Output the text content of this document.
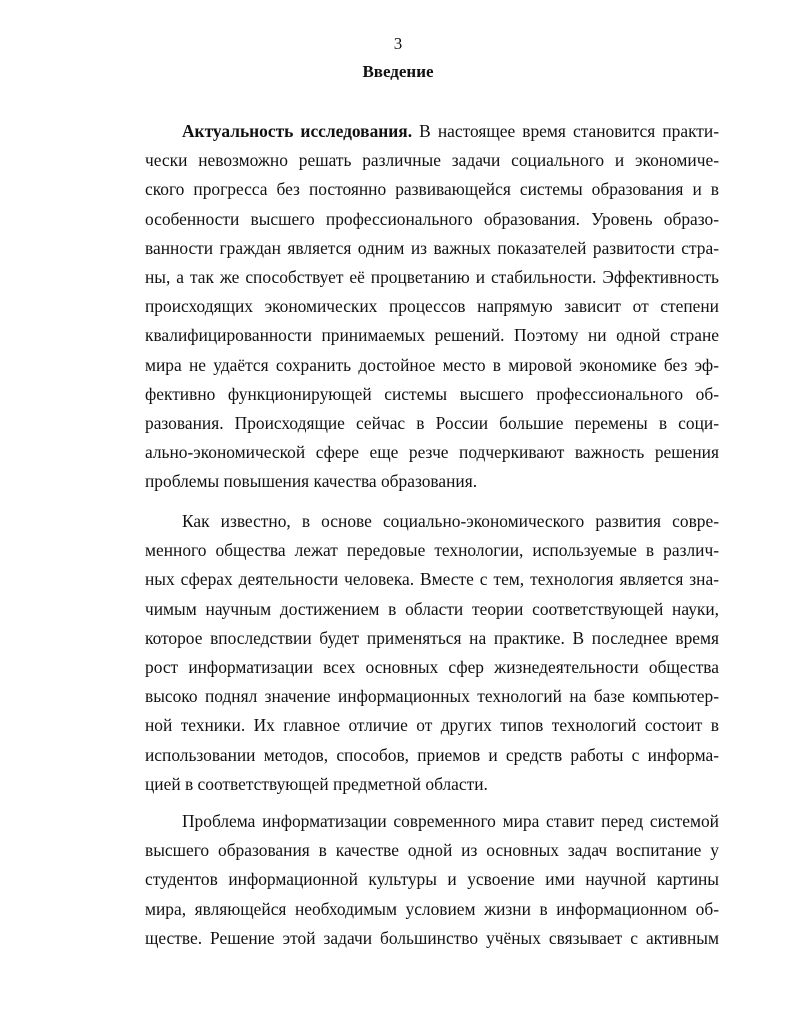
3
Введение
Актуальность исследования. В настоящее время становится практи-
чески невозможно решать различные задачи социального и экономиче-
ского прогресса без постоянно развивающейся системы образования и в
особенности высшего профессионального образования. Уровень образо-
ванности граждан является одним из важных показателей развитости стра-
ны, а так же способствует её процветанию и стабильности. Эффективность
происходящих экономических процессов напрямую зависит от степени
квалифицированности принимаемых решений. Поэтому ни одной стране
мира не удаётся сохранить достойное место в мировой экономике без эф-
фективно функционирующей системы высшего профессионального об-
разования. Происходящие сейчас в России большие перемены в соци-
ально-экономической сфере еще резче подчеркивают важность решения
проблемы повышения качества образования.
Как известно, в основе социально-экономического развития совре-
менного общества лежат передовые технологии, используемые в различ-
ных сферах деятельности человека. Вместе с тем, технология является зна-
чимым научным достижением в области теории соответствующей науки,
которое впоследствии будет применяться на практике. В последнее время
рост информатизации всех основных сфер жизнедеятельности общества
высоко поднял значение информационных технологий на базе компьютер-
ной техники. Их главное отличие от других типов технологий состоит в
использовании методов, способов, приемов и средств работы с информа-
цией в соответствующей предметной области.
Проблема информатизации современного мира ставит перед системой
высшего образования в качестве одной из основных задач воспитание у
студентов информационной культуры и усвоение ими научной картины
мира, являющейся необходимым условием жизни в информационном об-
ществе. Решение этой задачи большинство учёных связывает с активным
